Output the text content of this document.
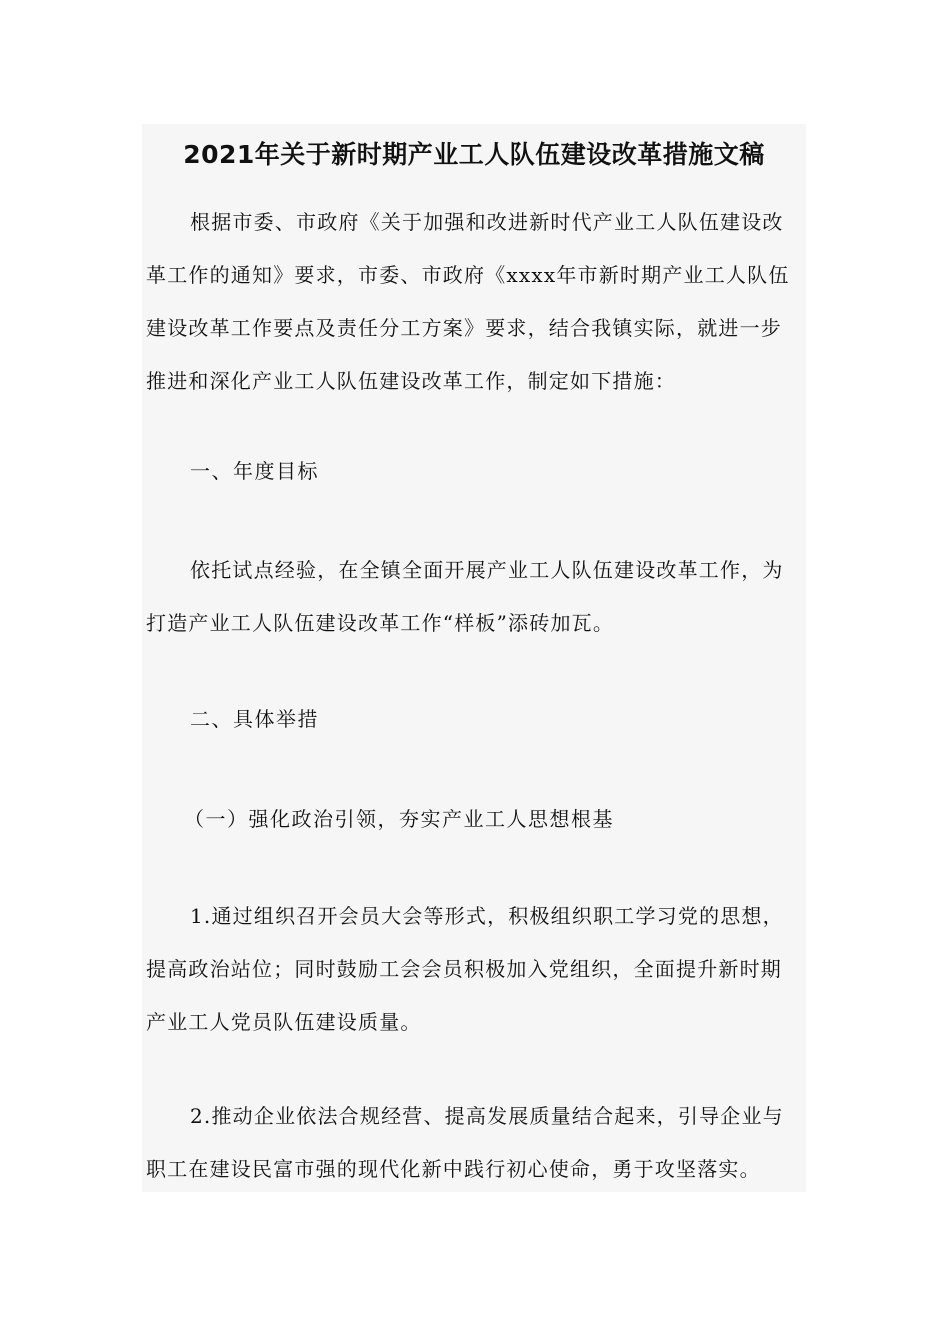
2021年关于新时期产业工人队伍建设改革措施文稿
根据市委、市政府《关于加强和改进新时代产业工人队伍建设改革工作的通知》要求，市委、市政府《xxxx年市新时期产业工人队伍建设改革工作要点及责任分工方案》要求，结合我镇实际，就进一步推进和深化产业工人队伍建设改革工作，制定如下措施：
一、年度目标
依托试点经验，在全镇全面开展产业工人队伍建设改革工作，为打造产业工人队伍建设改革工作“样板”添砖加瓦。
二、具体举措
（一）强化政治引领，夯实产业工人思想根基
1.通过组织召开会员大会等形式，积极组织职工学习党的思想，提高政治站位；同时鼓励工会会员积极加入党组织，全面提升新时期产业工人党员队伍建设质量。
2.推动企业依法合规经营、提高发展质量结合起来，引导企业与职工在建设民富市强的现代化新中践行初心使命，勇于攻坚落实。
